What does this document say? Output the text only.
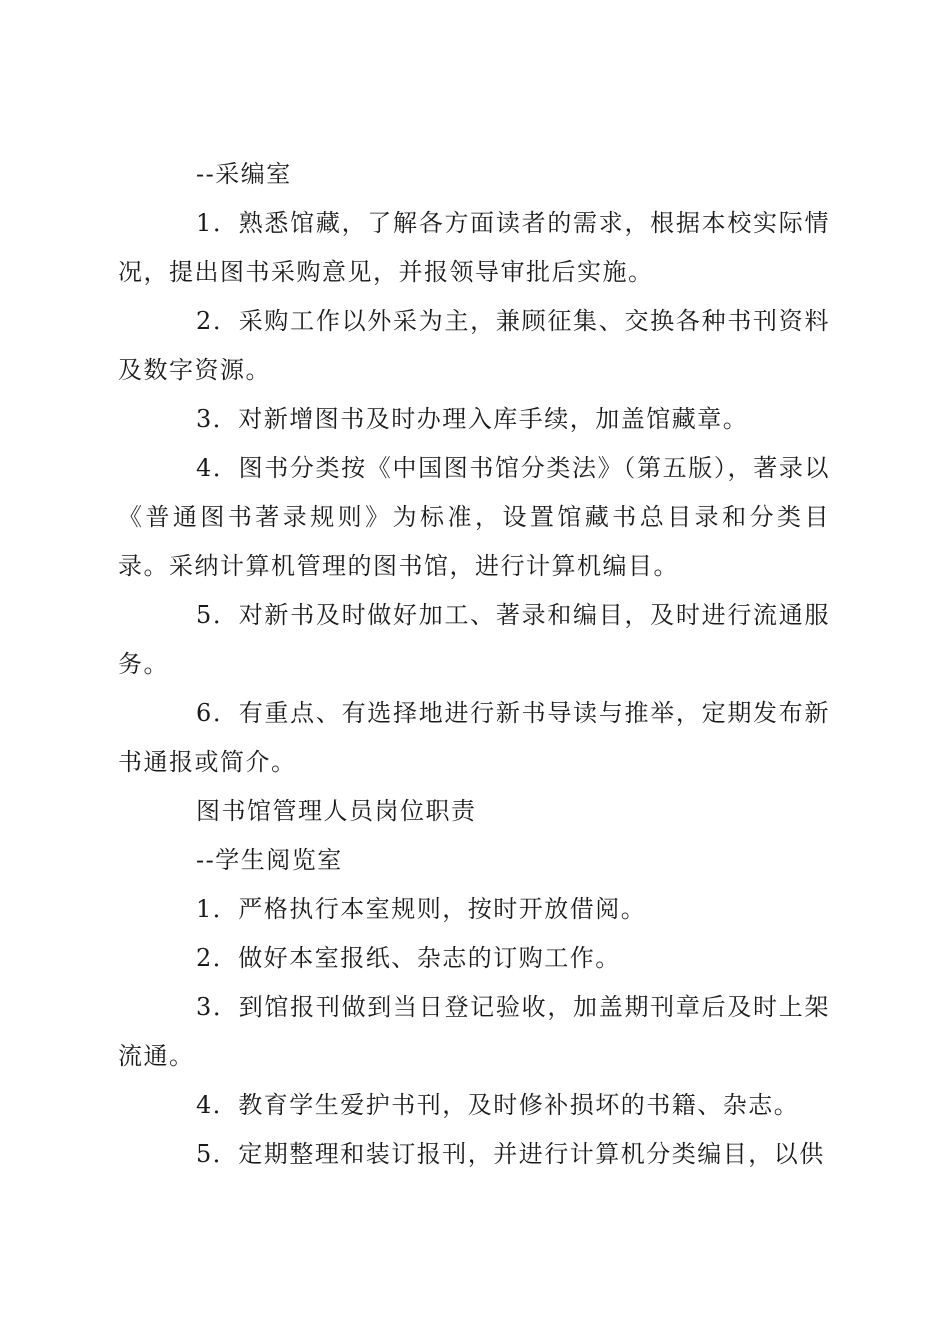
--采编室

1．熟悉馆藏，了解各方面读者的需求，根据本校实际情况，提出图书采购意见，并报领导审批后实施。

2．采购工作以外采为主，兼顾征集、交换各种书刊资料及数字资源。

3．对新增图书及时办理入库手续，加盖馆藏章。

4．图书分类按《中国图书馆分类法》（第五版），著录以《普通图书著录规则》为标准，设置馆藏书总目录和分类目录。采纳计算机管理的图书馆，进行计算机编目。

5．对新书及时做好加工、著录和编目，及时进行流通服务。

6．有重点、有选择地进行新书导读与推举，定期发布新书通报或简介。

图书馆管理人员岗位职责

--学生阅览室

1．严格执行本室规则，按时开放借阅。

2．做好本室报纸、杂志的订购工作。

3．到馆报刊做到当日登记验收，加盖期刊章后及时上架流通。

4．教育学生爱护书刊，及时修补损坏的书籍、杂志。

5．定期整理和装订报刊，并进行计算机分类编目，以供
